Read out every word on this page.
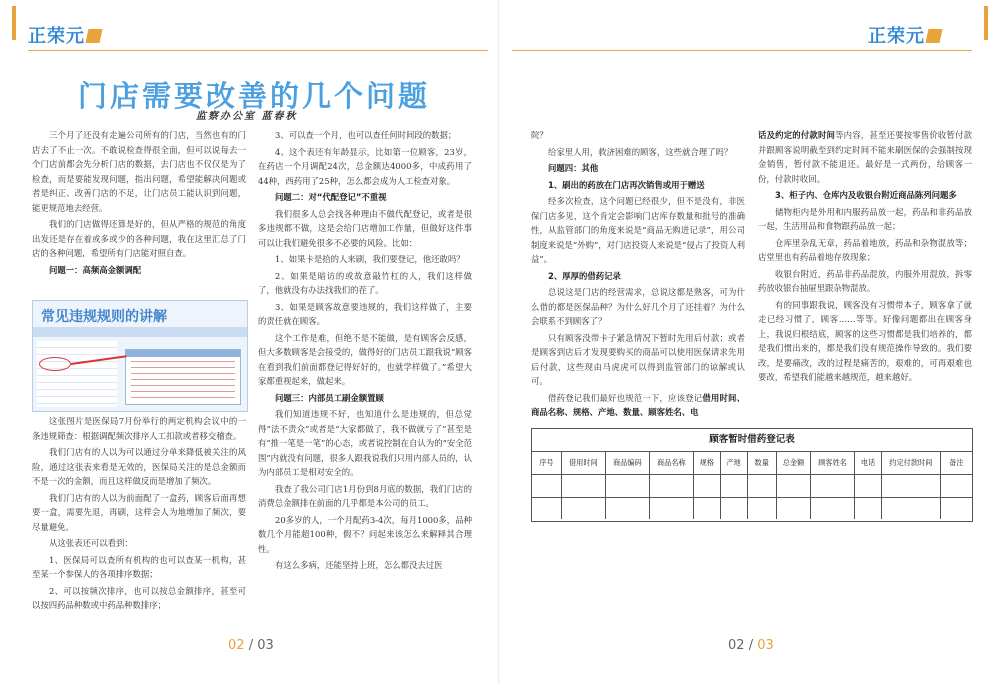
正荣元
门店需要改善的几个问题
监察办公室 蓝春秋

三个月了还没有走遍公司所有的门店，当然也有的门店去了不止一次。不敢说检查得很全面，但可以说每去一个门店前都会先分析门店的数据，去门店也不仅仅是为了检查，而是要能发现问题，指出问题，希望能解决问题或者是纠正、改善门店的不足，让门店员工能认识到问题，能更规范地去经营。

我们的门店做得还算是好的，但从严格的规范的角度出发还是存在着或多或少的各种问题，我在这里汇总了门店的各种问题，希望所有门店能对照自查。

问题一：高频高金额调配

常见违规规则的讲解

这张图片是医保局7月份举行的两定机构会议中的一条违规筛查：根据调配频次排序人工扣款或者移交稽查。

我们门店有的人以为可以通过分单来降低被关注的风险，通过这张表来看是无效的，医保局关注的是总金额而不是一次的金额，而且这样做反而是增加了频次。

我们门店有的人以为前面配了一盒药，顾客后面再想要一盒，需要先退，再刷，这样会人为地增加了频次，要尽量避免。

从这张表还可以看到：

1、医保局可以查所有机构的也可以查某一机构，甚至某一个参保人的各项排序数据；

2、可以按频次排序，也可以按总金额排序，甚至可以按四药品种数或中药品种数排序；

3、可以查一个月，也可以查任何时间段的数据；

4、这个表还有年龄显示，比如第一位顾客，23岁，在药店一个月调配24次，总金额达4000多，中成药用了44种，西药用了25种，怎么都会成为人工检查对象。

问题二：对“代配登记”不重视

我们很多人总会找各种理由不做代配登记，或者是很多违规都不做，这是会给门店增加工作量，但做好这件事可以让我们避免很多不必要的风险。比如：

1、如果卡是拾的人来刷，我们要登记，他还敢吗？

2、如果是暗访的或故意敲竹杠的人，我们这样做了，他就没有办法找我们的茬了。

3、如果是顾客故意要违规的，我们这样做了，主要的责任就在顾客。

这个工作是难，但绝不是不能做，是有顾客会反感，但大多数顾客是会接受的，做得好的门店员工跟我说“顾客在看到我们前面都登记得好好的，也就学样做了。”希望大家都重视起来，做起来。

问题三：内部员工刷金额置顾

我们知道违规不好，也知道什么是违规的，但总觉得“法不责众”或者是“大家都做了，我不做就亏了”甚至是有“推一笔是一笔”的心态，或者说控制在自认为的“安全范围”内就没有问题，很多人跟我说我们只用内部人员的，认为内部员工是相对安全的。

我查了我公司门店1月份到8月底的数据，我们门店的消费总金额排在前面的几乎都是本公司的员工。

20多岁的人，一个月配药3-4次，每月1000多，品种数几个月能超100种，假不？问起来该怎么来解释其合理性。

有这么多病，还能坚持上班，怎么都没去过医

02 / 03
正荣元

院？

给家里人用，救济困难的顾客，这些就合理了吗？

问题四：其他

1、刷出的药放在门店再次销售或用于赠送

经多次检查，这个问题已经很少，但不是没有，非医保门店多见，这个肯定会影响门店库存数量和批号的准确性，从监管部门的角度来说是“商品无购进记录”，用公司制度来说是“外购”，对门店投资人来说是“侵占了投资人利益”。

2、厚厚的借药记录

总说这是门店的经营需求，总说这都是熟客，可为什么借的都是医保品种？为什么好几个月了还挂着？为什么会联系不到顾客了？

只有顾客没带卡子紧急情况下暂时先用后付款；或者是顾客到店后才发现要购买的商品可以使用医保请求先用后付款，这些现由马虎虎可以得到监管部门的谅解或认可。

借药登记我们最好也规范一下，应该登记借用时间、商品名称、规格、产地、数量、顾客姓名、电

话及约定的付款时间等内容，甚至还要按零售价收暂付款并跟顾客说明截至到约定时间不能来刷医保的会强制按现金销售，暂付款不能退还。最好是一式两份，给顾客一份，付款时收回。

3、柜子内、仓库内及收银台附近商品陈列问题多

储物柜内是外用和内服药品放一起，药品和非药品放一起，生活用品和食物跟药品放一起；

仓库里杂乱无章，药品着地放，药品和杂物混放等；店堂里也有药品着地存放现象；

收银台附近，药品非药品混放，内服外用混放，拆零药放收银台抽屉里跟杂物混放。

有的同事跟我说，顾客没有习惯带本子，顾客拿了就走已经习惯了，顾客……等等。好像问题都出在顾客身上，我说归根结底，顾客的这些习惯都是我们培养的，都是我们惯出来的，都是我们没有规范操作导致的。我们要改，是要痛改，改的过程是痛苦的，艰难的，可再艰难也要改，希望我们能越来越规范，越来越好。

02 / 03
顾客暂时借药登记表
序号	借用时间	商品编码	商品名称	规格	产地	数量	总金额	顾客姓名	电话	约定付款时间	备注
